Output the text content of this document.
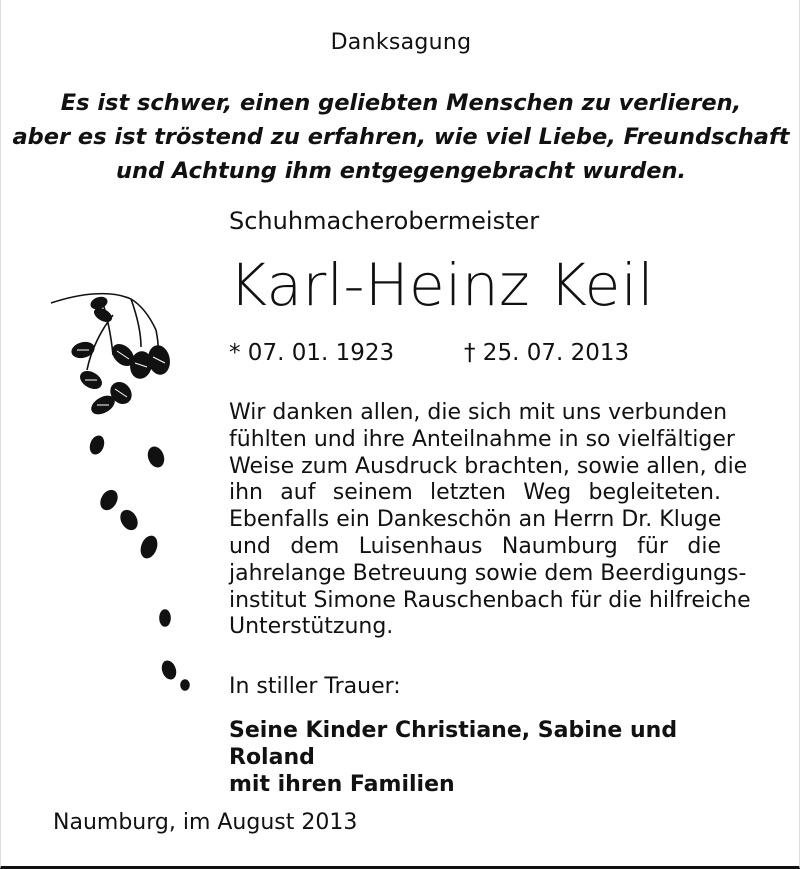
Danksagung
Es ist schwer, einen geliebten Menschen zu verlieren,
aber es ist tröstend zu erfahren, wie viel Liebe, Freundschaft
und Achtung ihm entgegengebracht wurden.
Schuhmacherobermeister
Karl-Heinz Keil
* 07. 01. 1923	† 25. 07. 2013
Wir danken allen, die sich mit uns verbunden
fühlten und ihre Anteilnahme in so vielfältiger
Weise zum Ausdruck brachten, sowie allen, die
ihn auf seinem letzten Weg begleiteten.
Ebenfalls ein Dankeschön an Herrn Dr. Kluge
und dem Luisenhaus Naumburg für die
jahrelange Betreuung sowie dem Beerdigungs-
institut Simone Rauschenbach für die hilfreiche
Unterstützung.
In stiller Trauer:
Seine Kinder Christiane, Sabine und Roland
mit ihren Familien
Naumburg, im August 2013
